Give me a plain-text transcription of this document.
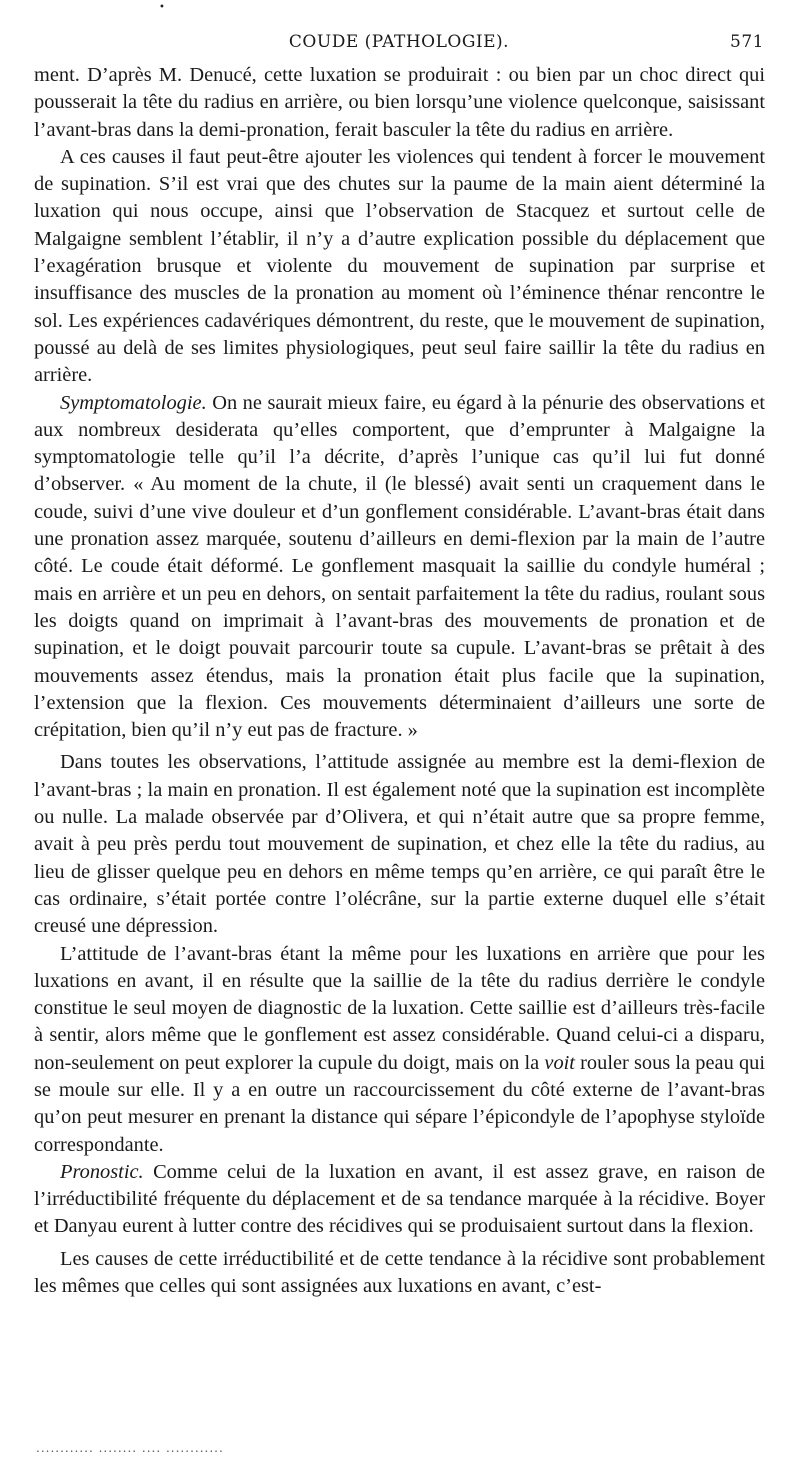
•
COUDE (PATHOLOGIE).	571

ment. D’après M. Denucé, cette luxation se produirait : ou bien par un choc direct qui pousserait la tête du radius en arrière, ou bien lorsqu’une violence quelconque, saisissant l’avant-bras dans la demi-pronation, ferait basculer la tête du radius en arrière.

A ces causes il faut peut-être ajouter les violences qui tendent à forcer le mouvement de supination. S’il est vrai que des chutes sur la paume de la main aient déterminé la luxation qui nous occupe, ainsi que l’observation de Stacquez et surtout celle de Malgaigne semblent l’établir, il n’y a d’autre explication possible du déplacement que l’exagération brusque et violente du mouvement de supination par surprise et insuffisance des muscles de la pronation au moment où l’éminence thénar rencontre le sol. Les expériences cadavériques démontrent, du reste, que le mouvement de supination, poussé au delà de ses limites physiologiques, peut seul faire saillir la tête du radius en arrière.

Symptomatologie. On ne saurait mieux faire, eu égard à la pénurie des observations et aux nombreux desiderata qu’elles comportent, que d’emprunter à Malgaigne la symptomatologie telle qu’il l’a décrite, d’après l’unique cas qu’il lui fut donné d’observer. « Au moment de la chute, il (le blessé) avait senti un craquement dans le coude, suivi d’une vive douleur et d’un gonflement considérable. L’avant-bras était dans une pronation assez marquée, soutenu d’ailleurs en demi-flexion par la main de l’autre côté. Le coude était déformé. Le gonflement masquait la saillie du condyle huméral ; mais en arrière et un peu en dehors, on sentait parfaitement la tête du radius, roulant sous les doigts quand on imprimait à l’avant-bras des mouvements de pronation et de supination, et le doigt pouvait parcourir toute sa cupule. L’avant-bras se prêtait à des mouvements assez étendus, mais la pronation était plus facile que la supination, l’extension que la flexion. Ces mouvements déterminaient d’ailleurs une sorte de crépitation, bien qu’il n’y eut pas de fracture. »

Dans toutes les observations, l’attitude assignée au membre est la demi-flexion de l’avant-bras ; la main en pronation. Il est également noté que la supination est incomplète ou nulle. La malade observée par d’Olivera, et qui n’était autre que sa propre femme, avait à peu près perdu tout mouvement de supination, et chez elle la tête du radius, au lieu de glisser quelque peu en dehors en même temps qu’en arrière, ce qui paraît être le cas ordinaire, s’était portée contre l’olécrâne, sur la partie externe duquel elle s’était creusé une dépression.

L’attitude de l’avant-bras étant la même pour les luxations en arrière que pour les luxations en avant, il en résulte que la saillie de la tête du radius derrière le condyle constitue le seul moyen de diagnostic de la luxation. Cette saillie est d’ailleurs très-facile à sentir, alors même que le gonflement est assez considérable. Quand celui-ci a disparu, non-seulement on peut explorer la cupule du doigt, mais on la voit rouler sous la peau qui se moule sur elle. Il y a en outre un raccourcissement du côté externe de l’avant-bras qu’on peut mesurer en prenant la distance qui sépare l’épicondyle de l’apophyse styloïde correspondante.

Pronostic. Comme celui de la luxation en avant, il est assez grave, en raison de l’irréductibilité fréquente du déplacement et de sa tendance marquée à la récidive. Boyer et Danyau eurent à lutter contre des récidives qui se produisaient surtout dans la flexion.

Les causes de cette irréductibilité et de cette tendance à la récidive sont probablement les mêmes que celles qui sont assignées aux luxations en avant, c’est-

............ ........ .... ............
